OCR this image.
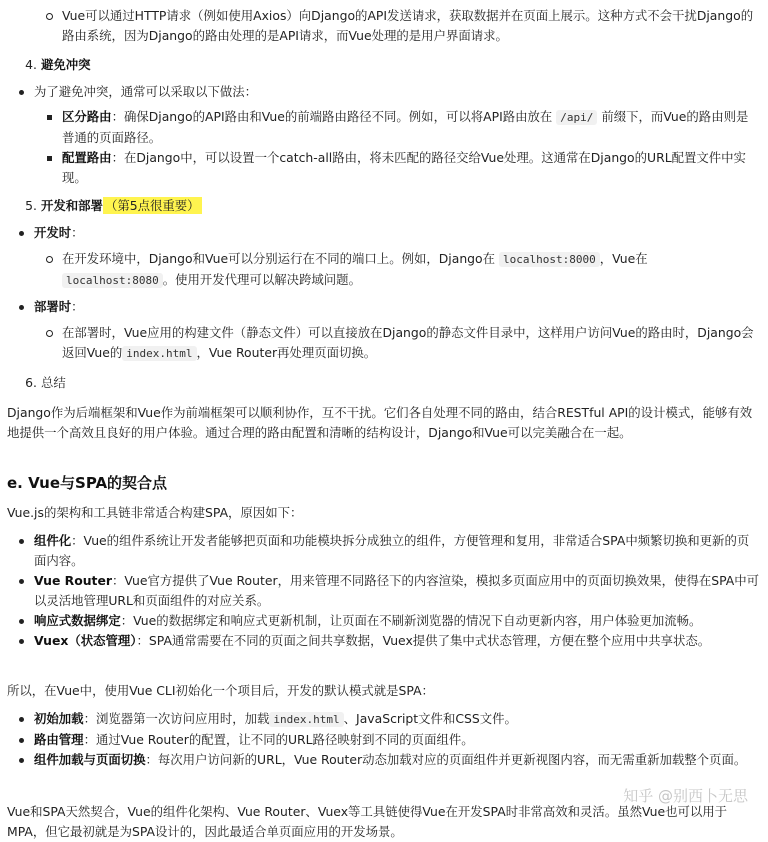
Vue可以通过HTTP请求（例如使用Axios）向Django的API发送请求，获取数据并在页面上展示。这种方式不会干扰Django的路由系统，因为Django的路由处理的是API请求，而Vue处理的是用户界面请求。
4. 避免冲突
为了避免冲突，通常可以采取以下做法：
区分路由：确保Django的API路由和Vue的前端路由路径不同。例如，可以将API路由放在 /api/ 前缀下，而Vue的路由则是普通的页面路径。
配置路由：在Django中，可以设置一个catch-all路由，将未匹配的路径交给Vue处理。这通常在Django的URL配置文件中实现。
5. 开发和部署 （第5点很重要）
开发时：
在开发环境中，Django和Vue可以分别运行在不同的端口上。例如，Django在 localhost:8000 ，Vue在 localhost:8080 。使用开发代理可以解决跨域问题。
部署时：
在部署时，Vue应用的构建文件（静态文件）可以直接放在Django的静态文件目录中，这样用户访问Vue的路由时，Django会返回Vue的 index.html ，Vue Router再处理页面切换。
6. 总结

Django作为后端框架和Vue作为前端框架可以顺利协作，互不干扰。它们各自处理不同的路由，结合RESTful API的设计模式，能够有效地提供一个高效且良好的用户体验。通过合理的路由配置和清晰的结构设计，Django和Vue可以完美融合在一起。

e. Vue与SPA的契合点

Vue.js的架构和工具链非常适合构建SPA，原因如下：

组件化：Vue的组件系统让开发者能够把页面和功能模块拆分成独立的组件，方便管理和复用，非常适合SPA中频繁切换和更新的页面内容。
Vue Router：Vue官方提供了Vue Router，用来管理不同路径下的内容渲染，模拟多页面应用中的页面切换效果，使得在SPA中可以灵活地管理URL和页面组件的对应关系。
响应式数据绑定：Vue的数据绑定和响应式更新机制，让页面在不刷新浏览器的情况下自动更新内容，用户体验更加流畅。
Vuex（状态管理）：SPA通常需要在不同的页面之间共享数据，Vuex提供了集中式状态管理，方便在整个应用中共享状态。

所以，在Vue中，使用Vue CLI初始化一个项目后，开发的默认模式就是SPA：

初始加载：浏览器第一次访问应用时，加载 index.html 、JavaScript文件和CSS文件。
路由管理：通过Vue Router的配置，让不同的URL路径映射到不同的页面组件。
组件加载与页面切换：每次用户访问新的URL，Vue Router动态加载对应的页面组件并更新视图内容，而无需重新加载整个页面。

Vue和SPA天然契合，Vue的组件化架构、Vue Router、Vuex等工具链使得Vue在开发SPA时非常高效和灵活。虽然Vue也可以用于MPA，但它最初就是为SPA设计的，因此最适合单页面应用的开发场景。

知乎 @别西卜无思
